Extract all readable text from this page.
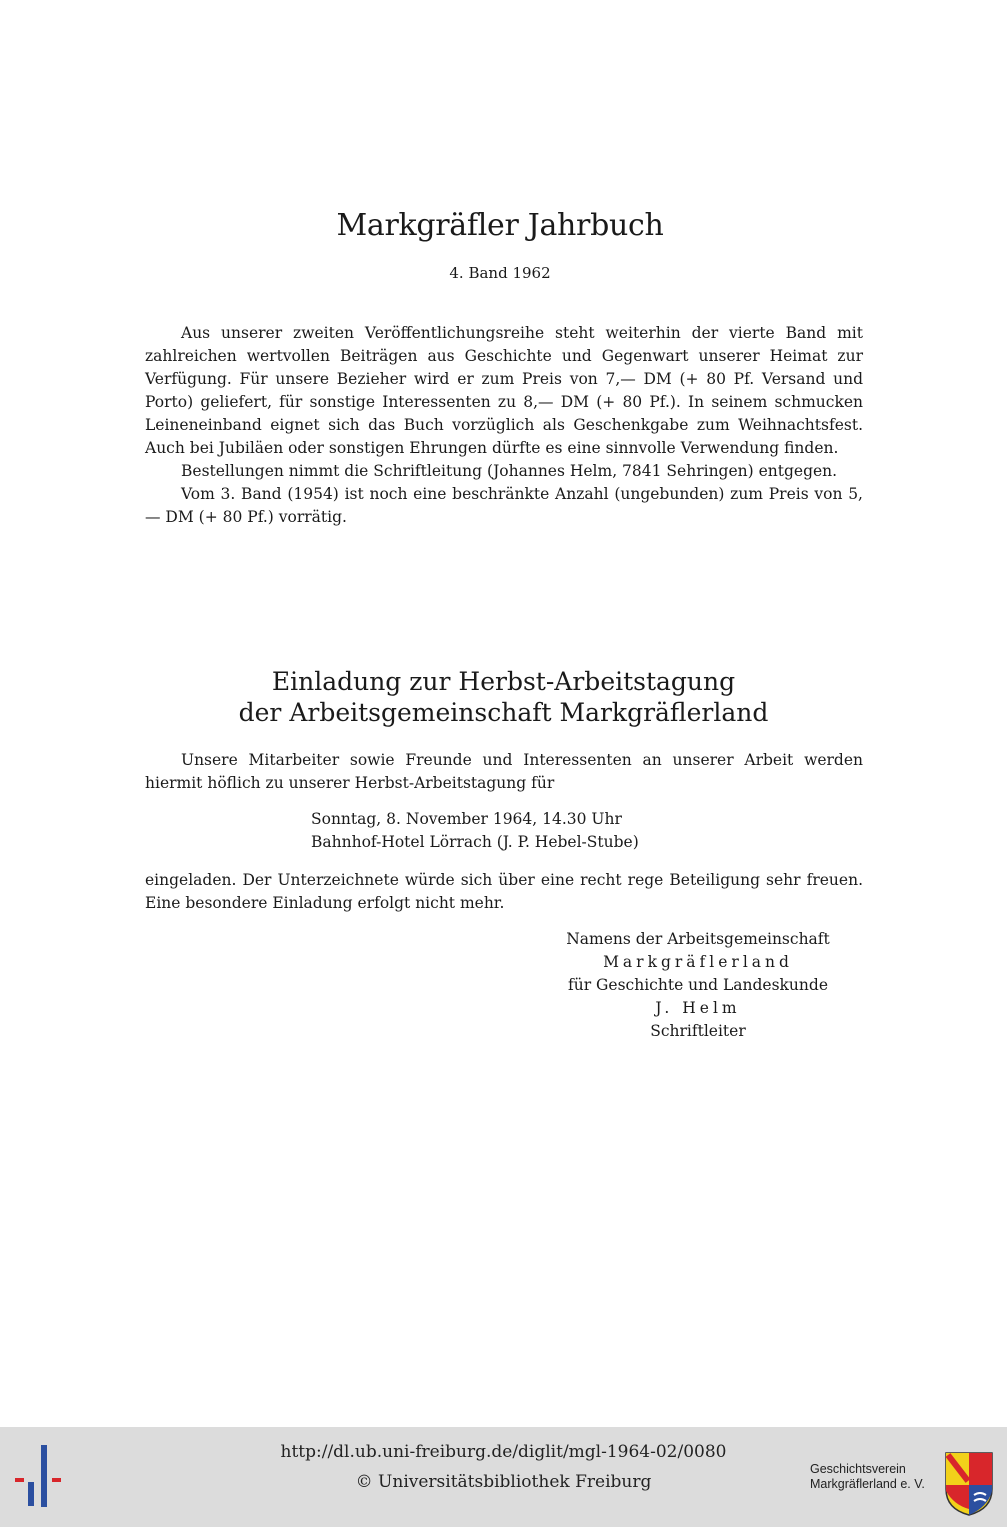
Markgräfler Jahrbuch
4. Band 1962

Aus unserer zweiten Veröffentlichungsreihe steht weiterhin der vierte Band mit zahlreichen wertvollen Beiträgen aus Geschichte und Gegenwart unserer Heimat zur Verfügung. Für unsere Bezieher wird er zum Preis von 7,— DM (+ 80 Pf. Versand und Porto) geliefert, für sonstige Interessenten zu 8,— DM (+ 80 Pf.). In seinem schmucken Leineneinband eignet sich das Buch vorzüglich als Geschenkgabe zum Weihnachtsfest. Auch bei Jubiläen oder sonstigen Ehrungen dürfte es eine sinnvolle Verwendung finden.

Bestellungen nimmt die Schriftleitung (Johannes Helm, 7841 Sehringen) entgegen.

Vom 3. Band (1954) ist noch eine beschränkte Anzahl (ungebunden) zum Preis von 5,— DM (+ 80 Pf.) vorrätig.

Einladung zur Herbst-Arbeitstagung
der Arbeitsgemeinschaft Markgräflerland

Unsere Mitarbeiter sowie Freunde und Interessenten an unserer Arbeit werden hiermit höflich zu unserer Herbst-Arbeitstagung für

Sonntag, 8. November 1964, 14.30 Uhr
Bahnhof-Hotel Lörrach (J. P. Hebel-Stube)

eingeladen. Der Unterzeichnete würde sich über eine recht rege Beteiligung sehr freuen. Eine besondere Einladung erfolgt nicht mehr.

Namens der Arbeitsgemeinschaft
Markgräflerland
für Geschichte und Landeskunde
J. Helm
Schriftleiter
http://dl.ub.uni-freiburg.de/diglit/mgl-1964-02/0080
© Universitätsbibliothek Freiburg
Geschichtsverein
Markgräflerland e. V.
